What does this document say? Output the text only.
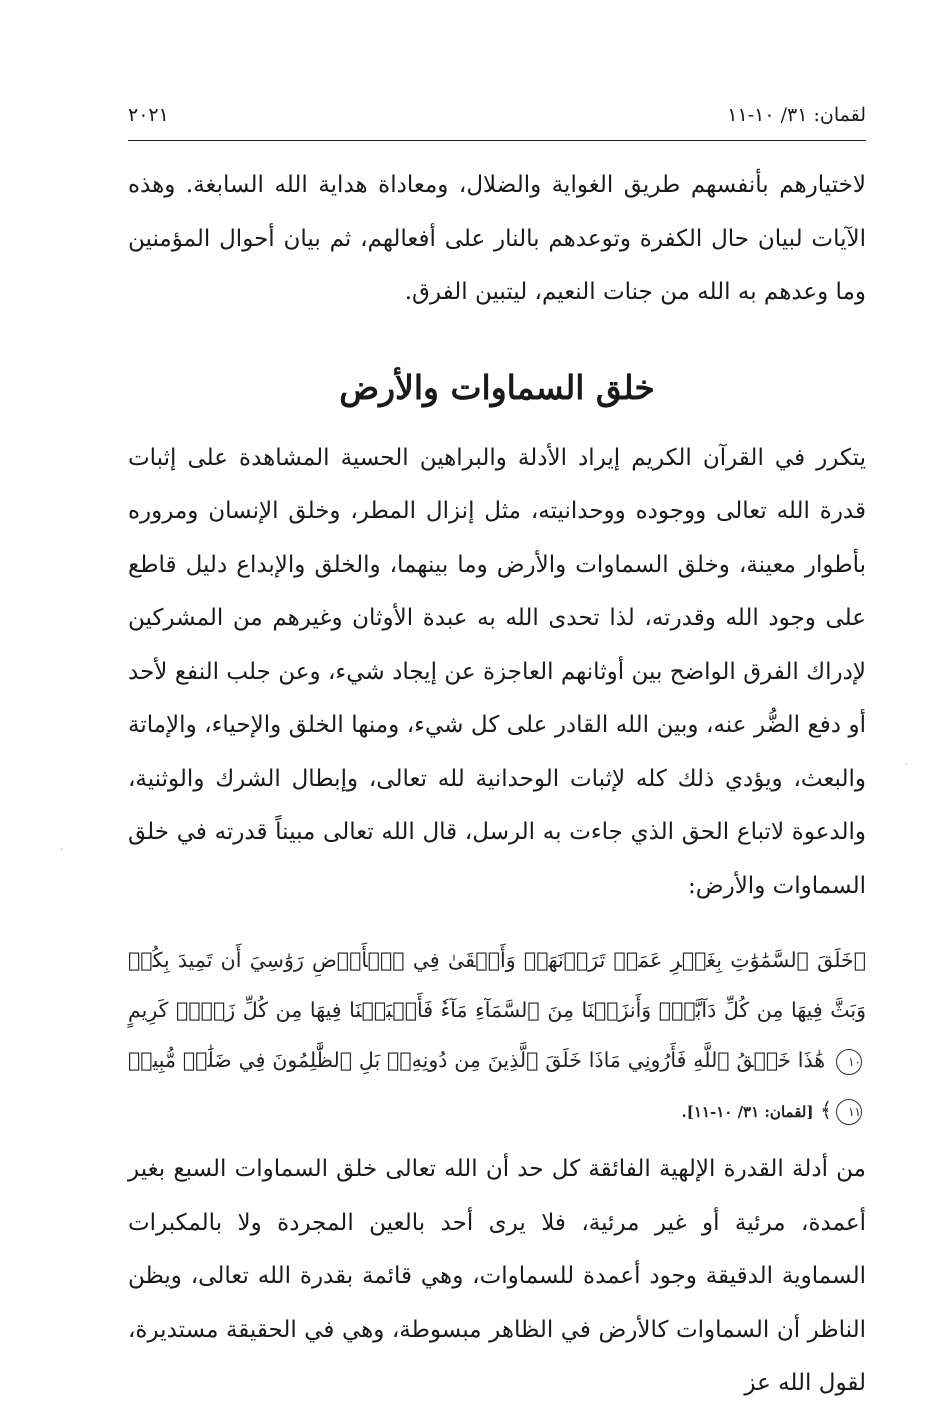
لقمان: ٣١/ ١٠-١١
٢٠٢١

لاختيارهم بأنفسهم طريق الغواية والضلال، ومعاداة هداية الله السابغة. وهذه الآيات لبيان حال الكفرة وتوعدهم بالنار على أفعالهم، ثم بيان أحوال المؤمنين وما وعدهم به الله من جنات النعيم، ليتبين الفرق.

خلق السماوات والأرض

يتكرر في القرآن الكريم إيراد الأدلة والبراهين الحسية المشاهدة على إثبات قدرة الله تعالى ووجوده ووحدانيته، مثل إنزال المطر، وخلق الإنسان ومروره بأطوار معينة، وخلق السماوات والأرض وما بينهما، والخلق والإبداع دليل قاطع على وجود الله وقدرته، لذا تحدى الله به عبدة الأوثان وغيرهم من المشركين لإدراك الفرق الواضح بين أوثانهم العاجزة عن إيجاد شيء، وعن جلب النفع لأحد أو دفع الضُّر عنه، وبين الله القادر على كل شيء، ومنها الخلق والإحياء، والإماتة والبعث، ويؤدي ذلك كله لإثبات الوحدانية لله تعالى، وإبطال الشرك والوثنية، والدعوة لاتباع الحق الذي جاءت به الرسل، قال الله تعالى مبيناً قدرته في خلق السماوات والأرض:

﴿خَلَقَ ٱلسَّمَٰوَٰتِ بِغَيۡرِ عَمَدٖ تَرَوۡنَهَاۖ وَأَلۡقَىٰ فِي ٱلۡأَرۡضِ رَوَٰسِيَ أَن تَمِيدَ بِكُمۡ وَبَثَّ فِيهَا مِن كُلِّ دَآبَّةٖۚ وَأَنزَلۡنَا مِنَ ٱلسَّمَآءِ مَآءٗ فَأَنۢبَتۡنَا فِيهَا مِن كُلِّ زَوۡجٖ كَرِيمٍ ١٠ هَٰذَا خَلۡقُ ٱللَّهِ فَأَرُونِي مَاذَا خَلَقَ ٱلَّذِينَ مِن دُونِهِۦۚ بَلِ ٱلظَّٰلِمُونَ فِي ضَلَٰلٖ مُّبِينٖ ١١﴾ [لقمان: ٣١/ ١٠-١١].

من أدلة القدرة الإلهية الفائقة كل حد أن الله تعالى خلق السماوات السبع بغير أعمدة، مرئية أو غير مرئية، فلا يرى أحد بالعين المجردة ولا بالمكبرات السماوية الدقيقة وجود أعمدة للسماوات، وهي قائمة بقدرة الله تعالى، ويظن الناظر أن السماوات كالأرض في الظاهر مبسوطة، وهي في الحقيقة مستديرة، لقول الله عز

·
·
